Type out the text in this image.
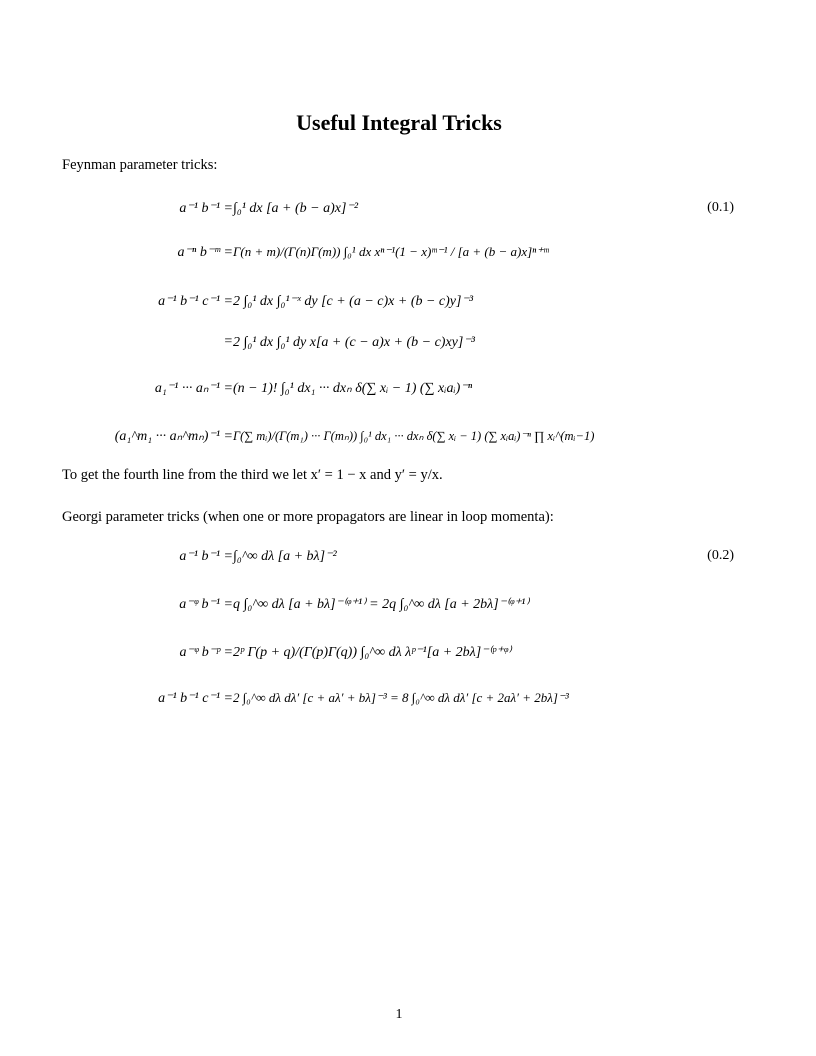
Useful Integral Tricks
Feynman parameter tricks:
a⁻¹ b⁻¹ = ∫₀¹ dx [a + (b − a)x]⁻²	(0.1)
a⁻ⁿ b⁻ᵐ = Γ(n + m)/(Γ(n)Γ(m)) ∫₀¹ dx xⁿ⁻¹(1 − x)ᵐ⁻¹ / [a + (b − a)x]ⁿ⁺ᵐ
a⁻¹ b⁻¹ c⁻¹ = 2 ∫₀¹ dx ∫₀¹⁻ˣ dy [c + (a − c)x + (b − c)y]⁻³
= 2 ∫₀¹ dx ∫₀¹ dy x[a + (c − a)x + (b − c)xy]⁻³
a₁⁻¹ ··· aₙ⁻¹ = (n − 1)! ∫₀¹ dx₁ ··· dxₙ δ(∑ xᵢ − 1) (∑ xᵢaᵢ)⁻ⁿ
(a₁^m₁ ··· aₙ^mₙ)⁻¹ = Γ(∑ mᵢ)/(Γ(m₁) ··· Γ(mₙ)) ∫₀¹ dx₁ ··· dxₙ δ(∑ xᵢ − 1) (∑ xᵢaᵢ)⁻ⁿ ∏ xᵢ^(mᵢ−1)
To get the fourth line from the third we let x′ = 1 − x and y′ = y/x.
Georgi parameter tricks (when one or more propagators are linear in loop momenta):
a⁻¹ b⁻¹ = ∫₀^∞ dλ [a + bλ]⁻²	(0.2)
a⁻ᵠ b⁻¹ = q ∫₀^∞ dλ [a + bλ]⁻⁽ᵠ⁺¹⁾ = 2q ∫₀^∞ dλ [a + 2bλ]⁻⁽ᵠ⁺¹⁾
a⁻ᵠ b⁻ᵖ = 2ᵖ Γ(p + q)/(Γ(p)Γ(q)) ∫₀^∞ dλ λᵖ⁻¹[a + 2bλ]⁻⁽ᵖ⁺ᵠ⁾
a⁻¹ b⁻¹ c⁻¹ = 2 ∫₀^∞ dλ dλ′ [c + aλ′ + bλ]⁻³ = 8 ∫₀^∞ dλ dλ′ [c + 2aλ′ + 2bλ]⁻³
1
